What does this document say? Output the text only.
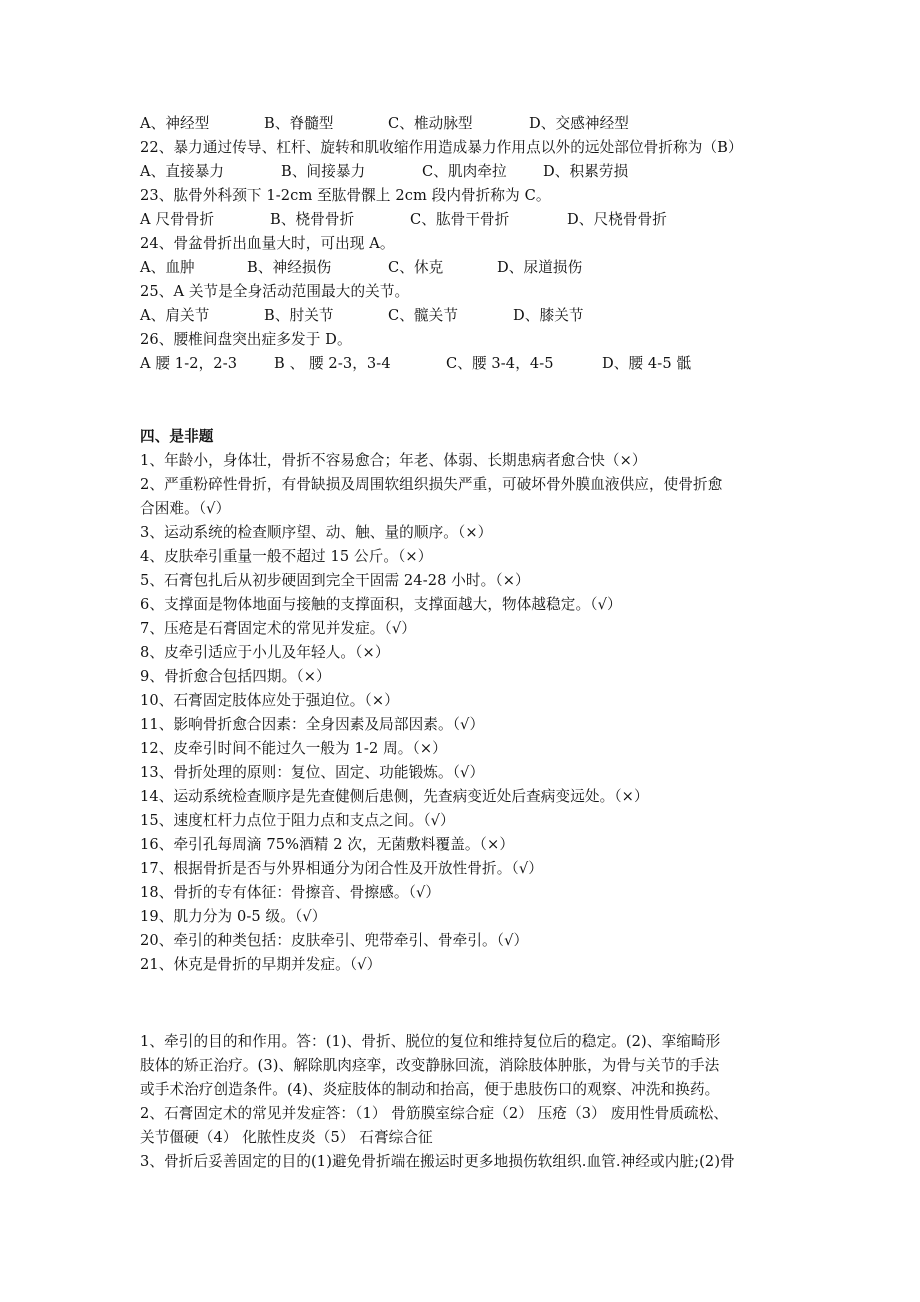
A、神经型	B、脊髓型	C、椎动脉型	D、交感神经型
22、暴力通过传导、杠杆、旋转和肌收缩作用造成暴力作用点以外的远处部位骨折称为（B）
A、直接暴力	B、间接暴力	C、肌肉牵拉	D、积累劳损
23、肱骨外科颈下 1-2cm 至肱骨髁上 2cm 段内骨折称为 C。
A 尺骨骨折	B、桡骨骨折	C、肱骨干骨折	D、尺桡骨骨折
24、骨盆骨折出血量大时，可出现 A。
A、血肿	B、神经损伤	C、休克	D、尿道损伤
25、A 关节是全身活动范围最大的关节。
A、肩关节	B、肘关节	C、髋关节	D、膝关节
26、腰椎间盘突出症多发于 D。
A 腰 1-2，2-3	B 、 腰 2-3，3-4	C、腰 3-4，4-5	D、腰 4-5 骶
四、是非题
1、年龄小，身体壮，骨折不容易愈合；年老、体弱、长期患病者愈合快（×）
2、严重粉碎性骨折，有骨缺损及周围软组织损失严重，可破坏骨外膜血液供应，使骨折愈
合困难。（√）
3、运动系统的检查顺序望、动、触、量的顺序。（×）
4、皮肤牵引重量一般不超过 15 公斤。（×）
5、石膏包扎后从初步硬固到完全干固需 24-28 小时。（×）
6、支撑面是物体地面与接触的支撑面积，支撑面越大，物体越稳定。（√）
7、压疮是石膏固定术的常见并发症。（√）
8、皮牵引适应于小儿及年轻人。（×）
9、骨折愈合包括四期。（×）
10、石膏固定肢体应处于强迫位。（×）
11、影响骨折愈合因素：全身因素及局部因素。（√）
12、皮牵引时间不能过久一般为 1-2 周。（×）
13、骨折处理的原则：复位、固定、功能锻炼。（√）
14、运动系统检查顺序是先查健侧后患侧，先查病变近处后查病变远处。（×）
15、速度杠杆力点位于阻力点和支点之间。（√）
16、牵引孔每周滴 75%酒精 2 次，无菌敷料覆盖。（×）
17、根据骨折是否与外界相通分为闭合性及开放性骨折。（√）
18、骨折的专有体征：骨擦音、骨擦感。（√）
19、肌力分为 0-5 级。（√）
20、牵引的种类包括：皮肤牵引、兜带牵引、骨牵引。（√）
21、休克是骨折的早期并发症。（√）
1、牵引的目的和作用。答：(1)、骨折、脱位的复位和维持复位后的稳定。(2)、挛缩畸形
肢体的矫正治疗。(3)、解除肌肉痉挛，改变静脉回流，消除肢体肿胀，为骨与关节的手法
或手术治疗创造条件。(4)、炎症肢体的制动和抬高，便于患肢伤口的观察、冲洗和换药。
2、石膏固定术的常见并发症答：（1） 骨筋膜室综合症（2） 压疮（3） 废用性骨质疏松、
关节僵硬（4） 化脓性皮炎（5） 石膏综合征
3、骨折后妥善固定的目的(1)避免骨折端在搬运时更多地损伤软组织.血管.神经或内脏;(2)骨
